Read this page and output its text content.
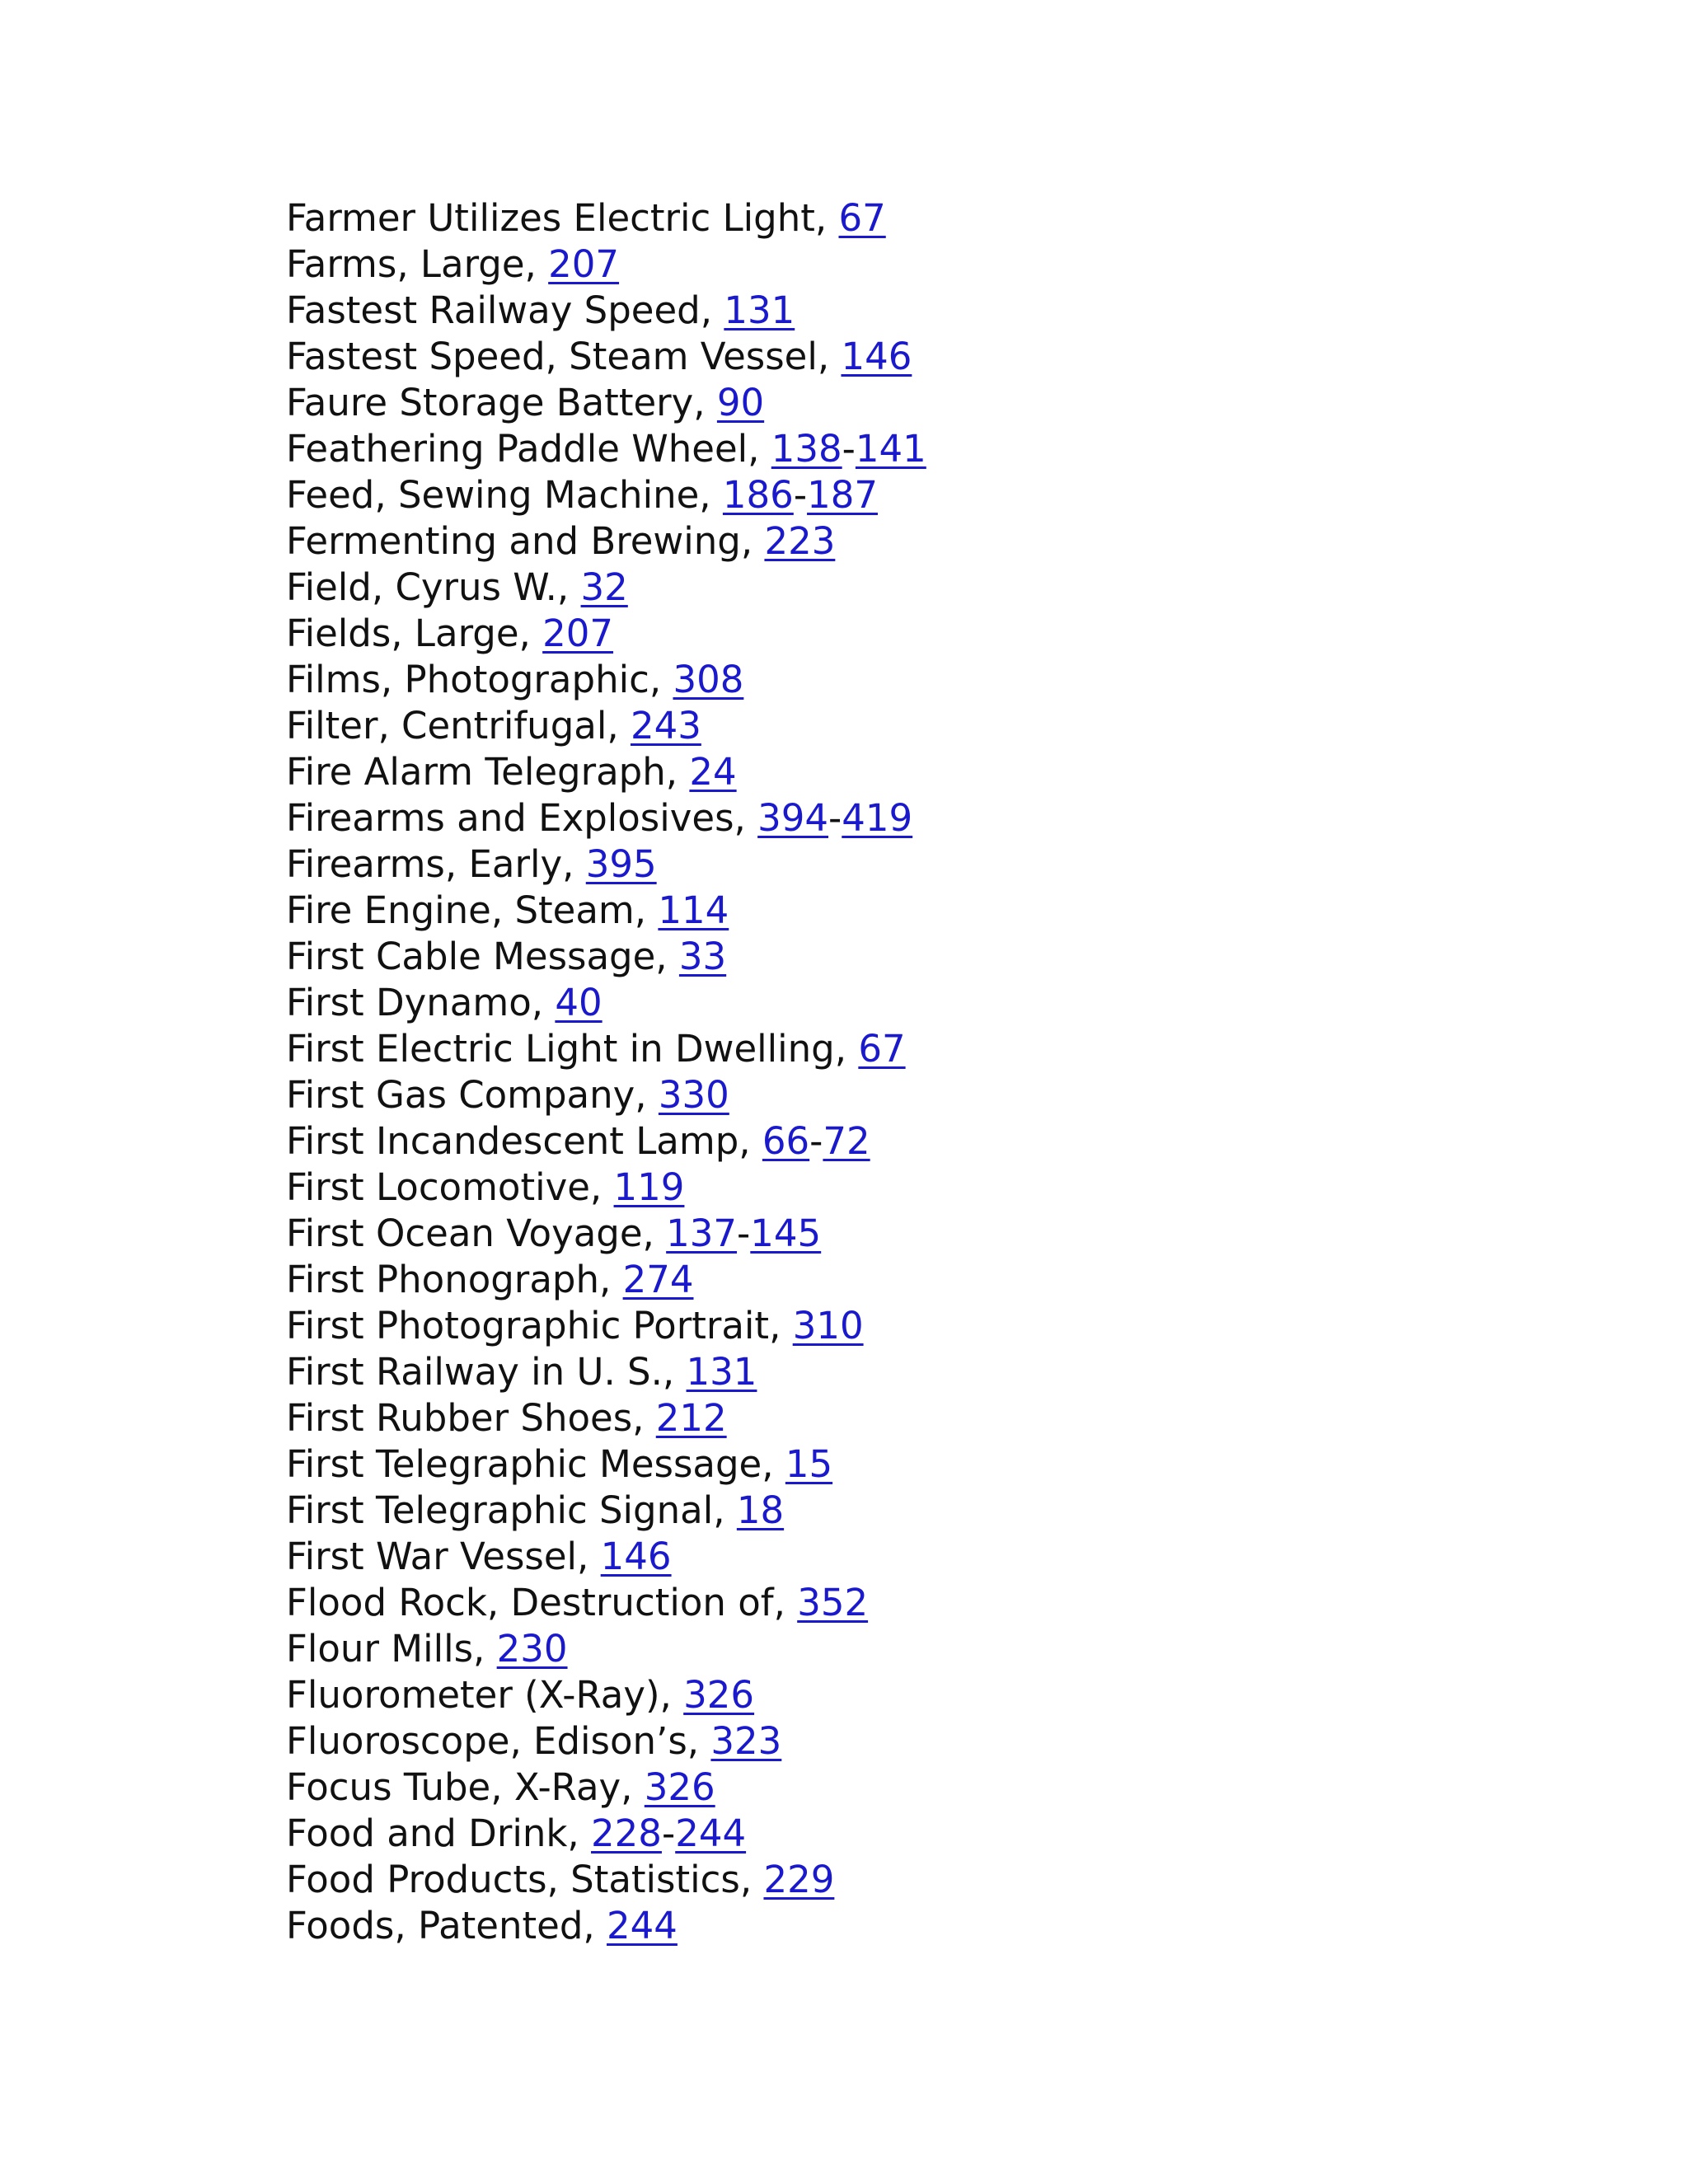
Farmer Utilizes Electric Light, 67
Farms, Large, 207
Fastest Railway Speed, 131
Fastest Speed, Steam Vessel, 146
Faure Storage Battery, 90
Feathering Paddle Wheel, 138-141
Feed, Sewing Machine, 186-187
Fermenting and Brewing, 223
Field, Cyrus W., 32
Fields, Large, 207
Films, Photographic, 308
Filter, Centrifugal, 243
Fire Alarm Telegraph, 24
Firearms and Explosives, 394-419
Firearms, Early, 395
Fire Engine, Steam, 114
First Cable Message, 33
First Dynamo, 40
First Electric Light in Dwelling, 67
First Gas Company, 330
First Incandescent Lamp, 66-72
First Locomotive, 119
First Ocean Voyage, 137-145
First Phonograph, 274
First Photographic Portrait, 310
First Railway in U. S., 131
First Rubber Shoes, 212
First Telegraphic Message, 15
First Telegraphic Signal, 18
First War Vessel, 146
Flood Rock, Destruction of, 352
Flour Mills, 230
Fluorometer (X-Ray), 326
Fluoroscope, Edison’s, 323
Focus Tube, X-Ray, 326
Food and Drink, 228-244
Food Products, Statistics, 229
Foods, Patented, 244
